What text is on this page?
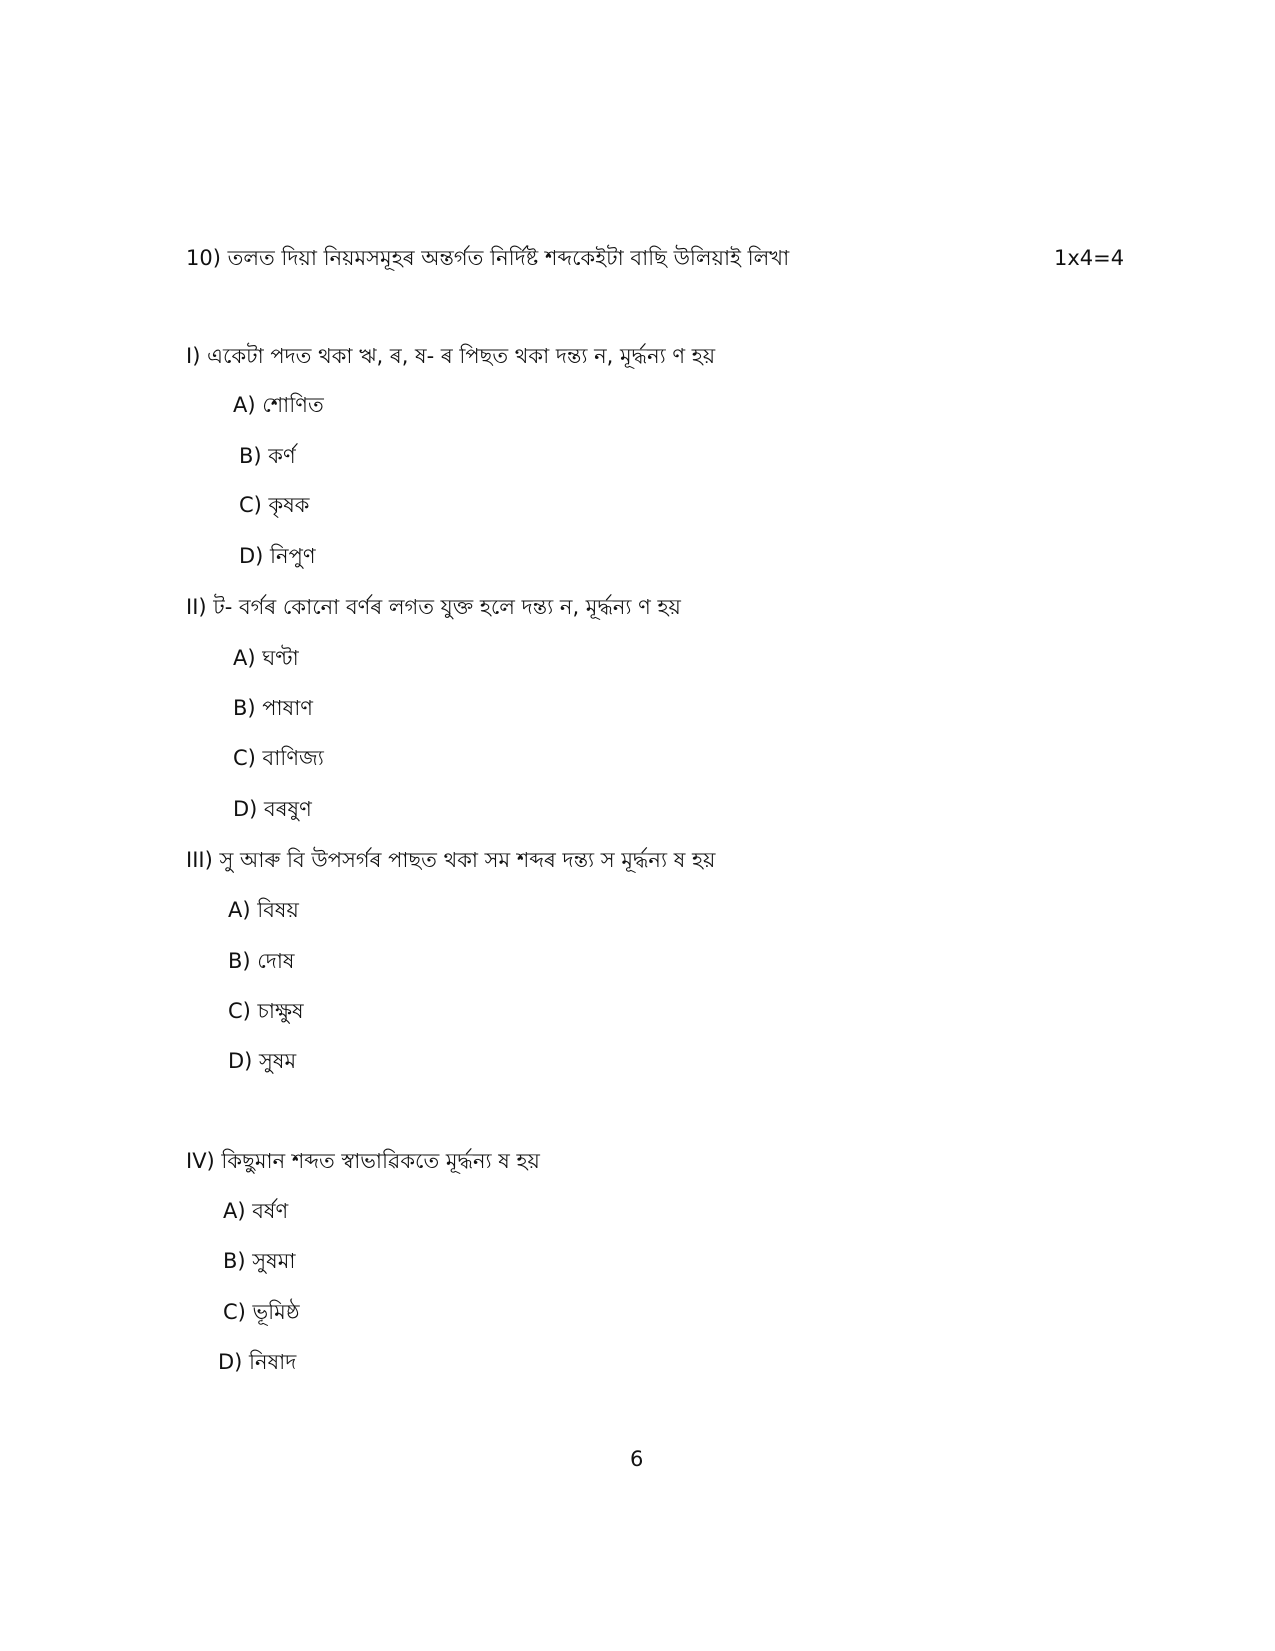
10) তলত দিয়া নিয়মসমূহৰ অন্তৰ্গত নিৰ্দিষ্ট শব্দকেইটা বাছি উলিয়াই লিখা	1x4=4
I) একেটা পদত থকা ঋ, ৰ, ষ- ৰ পিছত থকা দন্ত্য ন, মূৰ্দ্ধন্য ণ হয়
A) শোণিত
B) কৰ্ণ
C) কৃষক
D) নিপুণ
II) ট- বৰ্গৰ কোনো বৰ্ণৰ লগত যুক্ত হলে দন্ত্য ন, মূৰ্দ্ধন্য ণ হয়
A) ঘণ্টা
B) পাষাণ
C) বাণিজ্য
D) বৰষুণ
III) সু আৰু বি উপসৰ্গৰ পাছত থকা সম শব্দৰ দন্ত্য স মূৰ্দ্ধন্য ষ হয়
A) বিষয়
B) দোষ
C) চাক্ষুষ
D) সুষম
IV) কিছুমান শব্দত স্বাভাৱিকতে মূৰ্দ্ধন্য ষ হয়
A) বৰ্ষণ
B) সুষমা
C) ভূমিষ্ঠ
D) নিষাদ
6
